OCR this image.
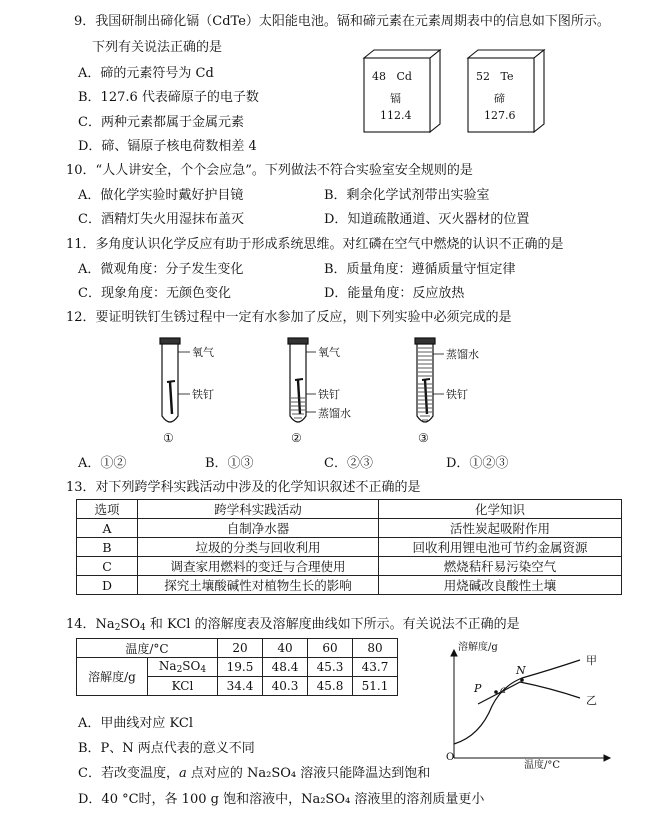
9．我国研制出碲化镉（CdTe）太阳能电池。镉和碲元素在元素周期表中的信息如下图所示。
下列有关说法正确的是
A．碲的元素符号为 Cd
B．127.6 代表碲原子的电子数
C．两种元素都属于金属元素
D．碲、镉原子核电荷数相差 4
48 Cd
镉
112.4
52 Te
碲
127.6
10．“人人讲安全，个个会应急”。下列做法不符合实验室安全规则的是
A．做化学实验时戴好护目镜	B．剩余化学试剂带出实验室
C．酒精灯失火用湿抹布盖灭	D．知道疏散通道、灭火器材的位置
11．多角度认识化学反应有助于形成系统思维。对红磷在空气中燃烧的认识不正确的是
A．微观角度：分子发生变化	B．质量角度：遵循质量守恒定律
C．现象角度：无颜色变化	D．能量角度：反应放热
12．要证明铁钉生锈过程中一定有水参加了反应，则下列实验中必须完成的是
氧气
铁钉
①
氧气
铁钉
蒸馏水
②
蒸馏水
铁钉
③
A．①②	B．①③	C．②③	D．①②③
13．对下列跨学科实践活动中涉及的化学知识叙述不正确的是
选项	跨学科实践活动	化学知识
A	自制净水器	活性炭起吸附作用
B	垃圾的分类与回收利用	回收利用锂电池可节约金属资源
C	调查家用燃料的变迁与合理使用	燃烧秸秆易污染空气
D	探究土壤酸碱性对植物生长的影响	用烧碱改良酸性土壤
14．$Na_2SO_4$ 和 KCl 的溶解度表及溶解度曲线如下所示。有关说法不正确的是
温度/°C		20	40	60	80
溶解度/g	$Na_2SO_4$	19.5	48.4	45.3	43.7
	KCl	34.4	40.3	45.8	51.1
溶解度/g
温度/°C
O
甲
乙
P
N
a
A．甲曲线对应 KCl
B．P、N 两点代表的意义不同
C．若改变温度，a 点对应的 Na₂SO₄ 溶液只能降温达到饱和
D．40 °C时，各 100 g 饱和溶液中，Na₂SO₄ 溶液里的溶剂质量更小
